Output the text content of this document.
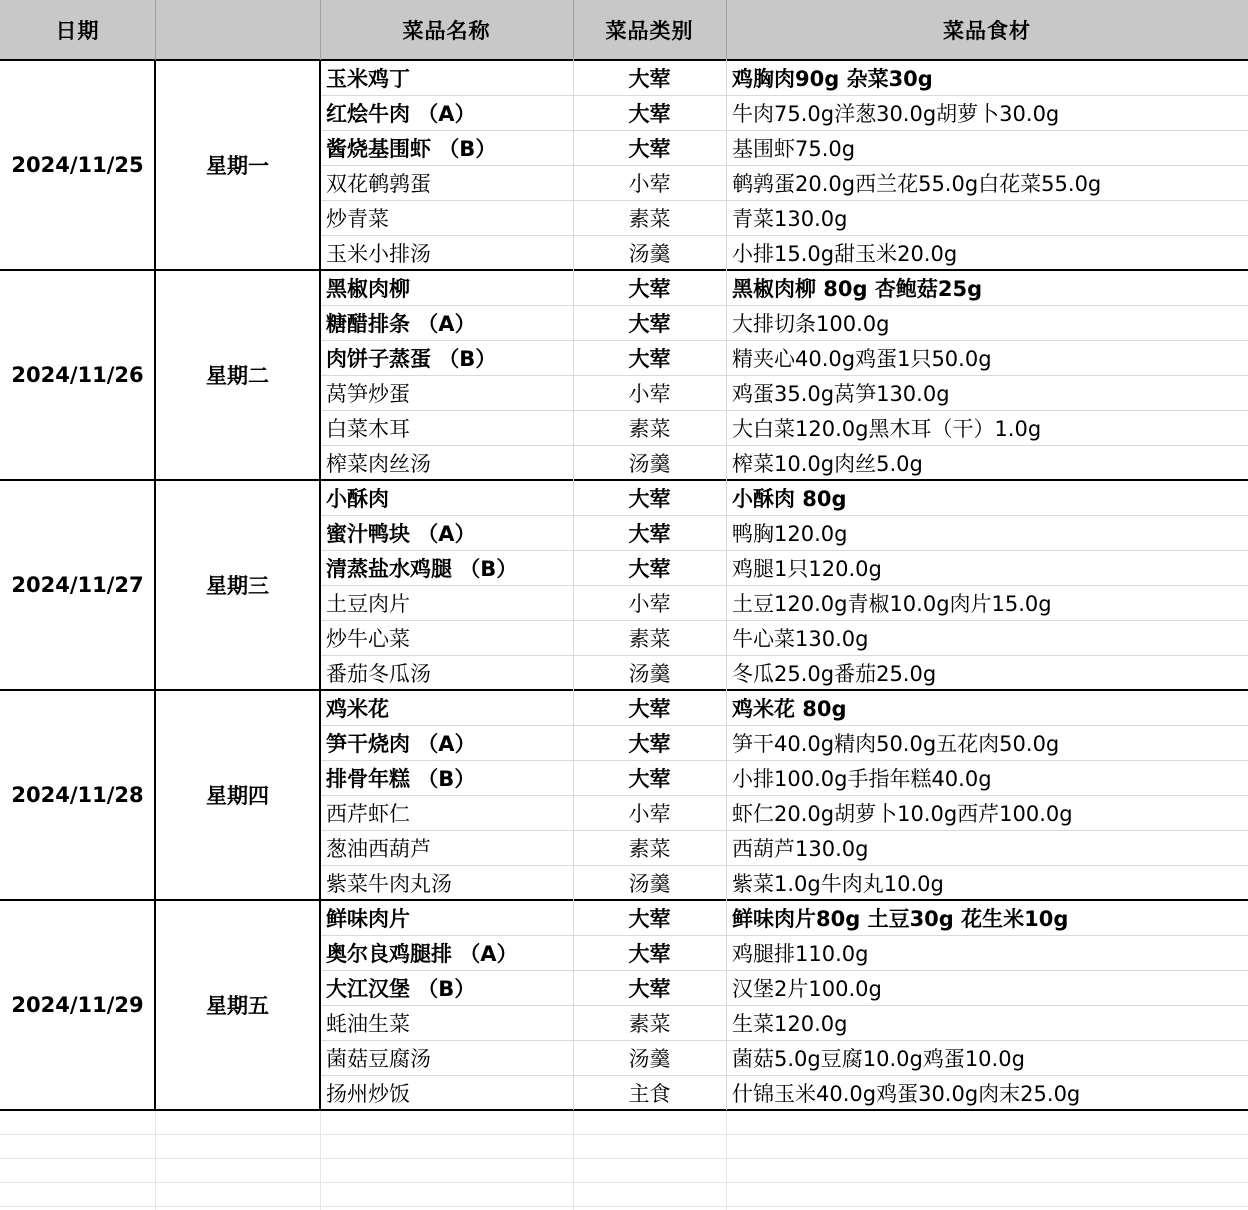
日期	菜品名称	菜品类别	菜品食材
2024/11/25	星期一
玉米鸡丁	大荤	鸡胸肉90g 杂菜30g
红烩牛肉 （A）	大荤	牛肉75.0g洋葱30.0g胡萝卜30.0g
酱烧基围虾 （B）	大荤	基围虾75.0g
双花鹌鹑蛋	小荤	鹌鹑蛋20.0g西兰花55.0g白花菜55.0g
炒青菜	素菜	青菜130.0g
玉米小排汤	汤羹	小排15.0g甜玉米20.0g
2024/11/26	星期二
黑椒肉柳	大荤	黑椒肉柳 80g 杏鲍菇25g
糖醋排条 （A）	大荤	大排切条100.0g
肉饼子蒸蛋 （B）	大荤	精夹心40.0g鸡蛋1只50.0g
莴笋炒蛋	小荤	鸡蛋35.0g莴笋130.0g
白菜木耳	素菜	大白菜120.0g黑木耳（干）1.0g
榨菜肉丝汤	汤羹	榨菜10.0g肉丝5.0g
2024/11/27	星期三
小酥肉	大荤	小酥肉 80g
蜜汁鸭块 （A）	大荤	鸭胸120.0g
清蒸盐水鸡腿 （B）	大荤	鸡腿1只120.0g
土豆肉片	小荤	土豆120.0g青椒10.0g肉片15.0g
炒牛心菜	素菜	牛心菜130.0g
番茄冬瓜汤	汤羹	冬瓜25.0g番茄25.0g
2024/11/28	星期四
鸡米花	大荤	鸡米花 80g
笋干烧肉 （A）	大荤	笋干40.0g精肉50.0g五花肉50.0g
排骨年糕 （B）	大荤	小排100.0g手指年糕40.0g
西芹虾仁	小荤	虾仁20.0g胡萝卜10.0g西芹100.0g
葱油西葫芦	素菜	西葫芦130.0g
紫菜牛肉丸汤	汤羹	紫菜1.0g牛肉丸10.0g
2024/11/29	星期五
鲜味肉片	大荤	鲜味肉片80g 土豆30g 花生米10g
奥尔良鸡腿排 （A）	大荤	鸡腿排110.0g
大江汉堡 （B）	大荤	汉堡2片100.0g
蚝油生菜	素菜	生菜120.0g
菌菇豆腐汤	汤羹	菌菇5.0g豆腐10.0g鸡蛋10.0g
扬州炒饭	主食	什锦玉米40.0g鸡蛋30.0g肉末25.0g
